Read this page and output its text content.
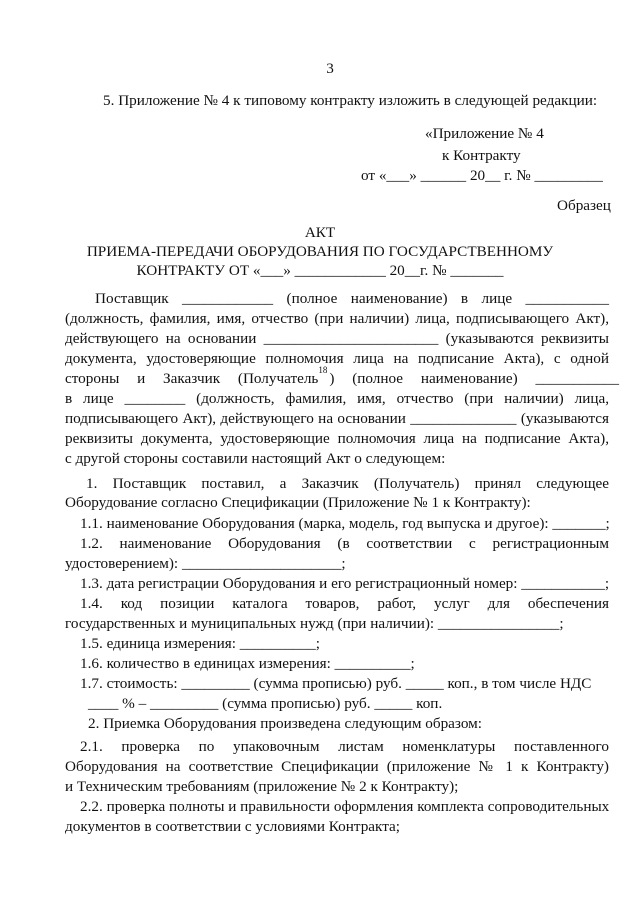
3
5. Приложение № 4 к типовому контракту изложить в следующей редакции:
«Приложение № 4
к Контракту
от «___» ______ 20__ г. № _________
Образец
АКТ
ПРИЕМА-ПЕРЕДАЧИ ОБОРУДОВАНИЯ ПО ГОСУДАРСТВЕННОМУ
КОНТРАКТУ ОТ «___» ____________ 20__г. № _______
Поставщик ____________ (полное наименование) в лице ___________
(должность, фамилия, имя, отчество (при наличии) лица, подписывающего Акт),
действующего на основании _______________________ (указываются реквизиты
документа, удостоверяющие полномочия лица на подписание Акта), с одной
стороны и Заказчик (Получатель 18 ) (полное наименование) ___________
в лице ________ (должность, фамилия, имя, отчество (при наличии) лица,
подписывающего Акт), действующего на основании ______________ (указываются
реквизиты документа, удостоверяющие полномочия лица на подписание Акта),
с другой стороны составили настоящий Акт о следующем:
1. Поставщик поставил, а Заказчик (Получатель) принял следующее
Оборудование согласно Спецификации (Приложение № 1 к Контракту):
1.1. наименование Оборудования (марка, модель, год выпуска и другое): _______;
1.2. наименование Оборудования (в соответствии с регистрационным
удостоверением): _____________________;
1.3. дата регистрации Оборудования и его регистрационный номер: ___________;
1.4. код позиции каталога товаров, работ, услуг для обеспечения
государственных и муниципальных нужд (при наличии): ________________;
1.5. единица измерения: __________;
1.6. количество в единицах измерения: __________;
1.7. стоимость: _________ (сумма прописью) руб. _____ коп., в том числе НДС
____ % – _________ (сумма прописью) руб. _____ коп.
2. Приемка Оборудования произведена следующим образом:
2.1. проверка по упаковочным листам номенклатуры поставленного
Оборудования на соответствие Спецификации (приложение № 1 к Контракту)
и Техническим требованиям (приложение № 2 к Контракту);
2.2. проверка полноты и правильности оформления комплекта сопроводительных
документов в соответствии с условиями Контракта;
